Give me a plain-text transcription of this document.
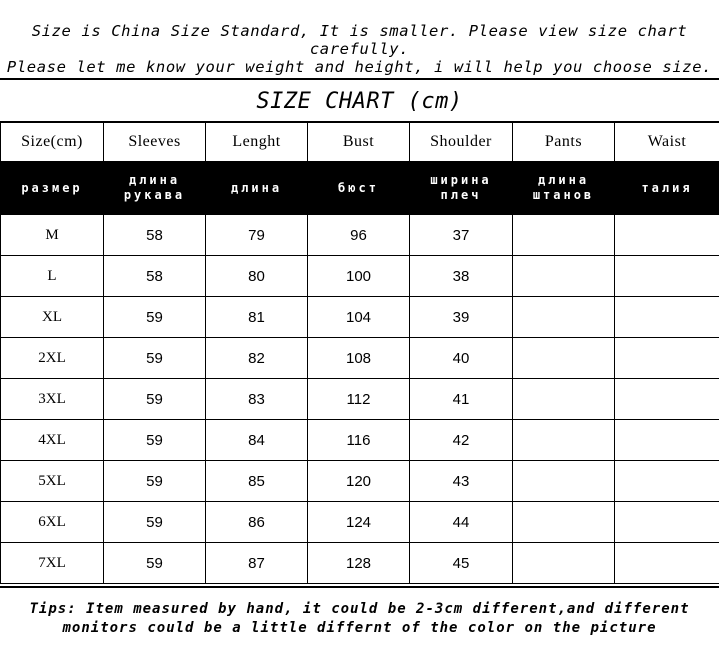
Size is China Size Standard, It is smaller. Please view size chart carefully.
Please let me know your weight and height, i will help you choose size.
SIZE CHART (cm)
Size(cm)	Sleeves	Lenght	Bust	Shoulder	Pants	Waist
размер	длина рукава	длина	бюст	ширина плеч	длина штанов	талия
M	58	79	96	37		
L	58	80	100	38		
XL	59	81	104	39		
2XL	59	82	108	40		
3XL	59	83	112	41		
4XL	59	84	116	42		
5XL	59	85	120	43		
6XL	59	86	124	44		
7XL	59	87	128	45		
Tips: Item measured by hand, it could be 2-3cm different,and different
monitors could be a little differnt of the color on the picture
